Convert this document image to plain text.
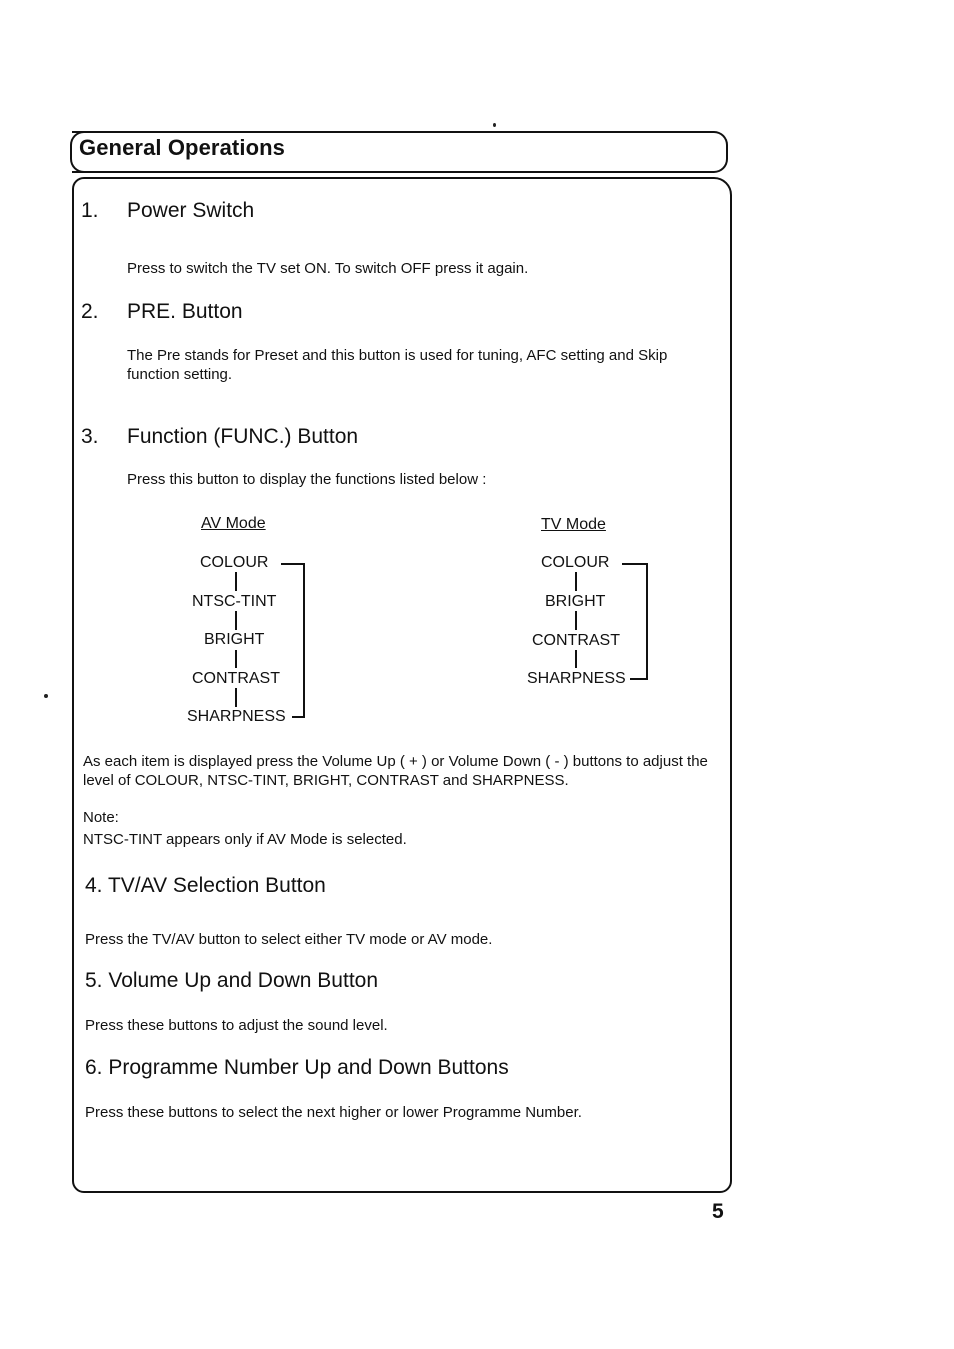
General Operations
1. Power Switch
Press to switch the TV set ON. To switch OFF press it again.
2. PRE. Button
The Pre stands for Preset and this button is used for tuning, AFC setting and Skip function setting.
3. Function (FUNC.) Button
Press this button to display the functions listed below :
AV Mode
COLOUR
NTSC-TINT
BRIGHT
CONTRAST
SHARPNESS
TV Mode
COLOUR
BRIGHT
CONTRAST
SHARPNESS
As each item is displayed press the Volume Up ( + ) or Volume Down ( - ) buttons to adjust the level of COLOUR, NTSC-TINT, BRIGHT, CONTRAST and SHARPNESS.
Note:
NTSC-TINT appears only if AV Mode is selected.
4. TV/AV Selection Button
Press the TV/AV button to select either TV mode or AV mode.
5. Volume Up and Down Button
Press these buttons to adjust the sound level.
6. Programme Number Up and Down Buttons
Press these buttons to select the next higher or lower Programme Number.
5
